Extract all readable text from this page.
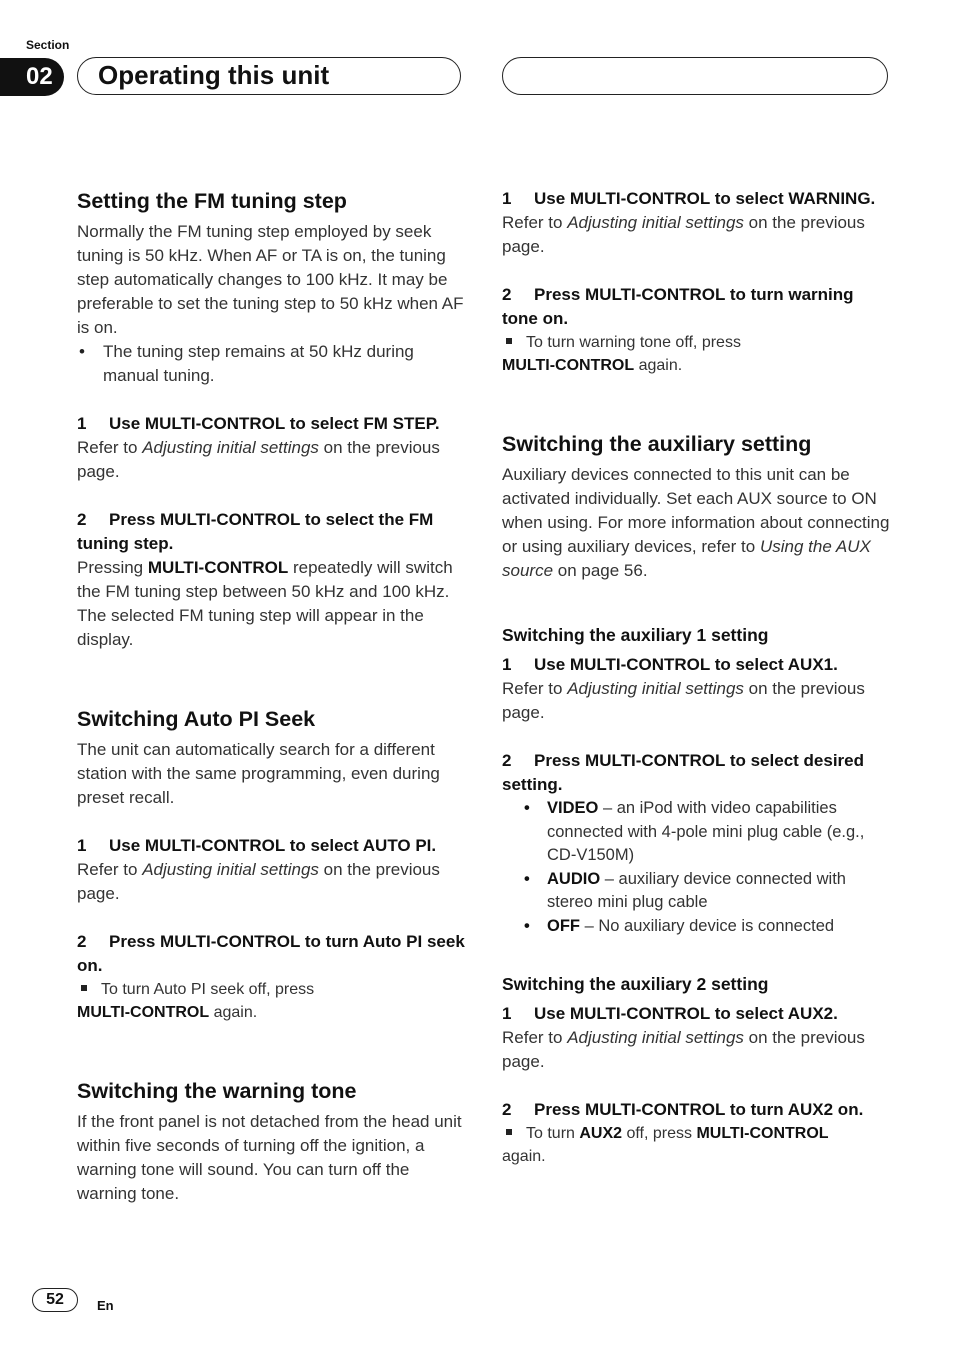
Section
02	Operating this unit
Setting the FM tuning step

Normally the FM tuning step employed by seek tuning is 50 kHz. When AF or TA is on, the tuning step automatically changes to 100 kHz. It may be preferable to set the tuning step to 50 kHz when AF is on.

• The tuning step remains at 50 kHz during manual tuning.

1 Use MULTI-CONTROL to select FM STEP.

Refer to Adjusting initial settings on the previous page.

2 Press MULTI-CONTROL to select the FM tuning step.

Pressing MULTI-CONTROL repeatedly will switch the FM tuning step between 50 kHz and 100 kHz. The selected FM tuning step will appear in the display.

Switching Auto PI Seek

The unit can automatically search for a different station with the same programming, even during preset recall.

1 Use MULTI-CONTROL to select AUTO PI.

Refer to Adjusting initial settings on the previous page.

2 Press MULTI-CONTROL to turn Auto PI seek on.

To turn Auto PI seek off, press
MULTI-CONTROL again.

Switching the warning tone

If the front panel is not detached from the head unit within five seconds of turning off the ignition, a warning tone will sound. You can turn off the warning tone.

1 Use MULTI-CONTROL to select WARNING.

Refer to Adjusting initial settings on the previous page.

2 Press MULTI-CONTROL to turn warning tone on.

To turn warning tone off, press
MULTI-CONTROL again.

Switching the auxiliary setting

Auxiliary devices connected to this unit can be activated individually. Set each AUX source to ON when using. For more information about connecting or using auxiliary devices, refer to Using the AUX source on page 56.

Switching the auxiliary 1 setting

1 Use MULTI-CONTROL to select AUX1.

Refer to Adjusting initial settings on the previous page.

2 Press MULTI-CONTROL to select desired setting.

• VIDEO – an iPod with video capabilities connected with 4-pole mini plug cable (e.g., CD-V150M)
• AUDIO – auxiliary device connected with stereo mini plug cable
• OFF – No auxiliary device is connected
Switching the auxiliary 2 setting

1 Use MULTI-CONTROL to select AUX2.

Refer to Adjusting initial settings on the previous page.

2 Press MULTI-CONTROL to turn AUX2 on.

To turn AUX2 off, press MULTI-CONTROL
again.

52	En
